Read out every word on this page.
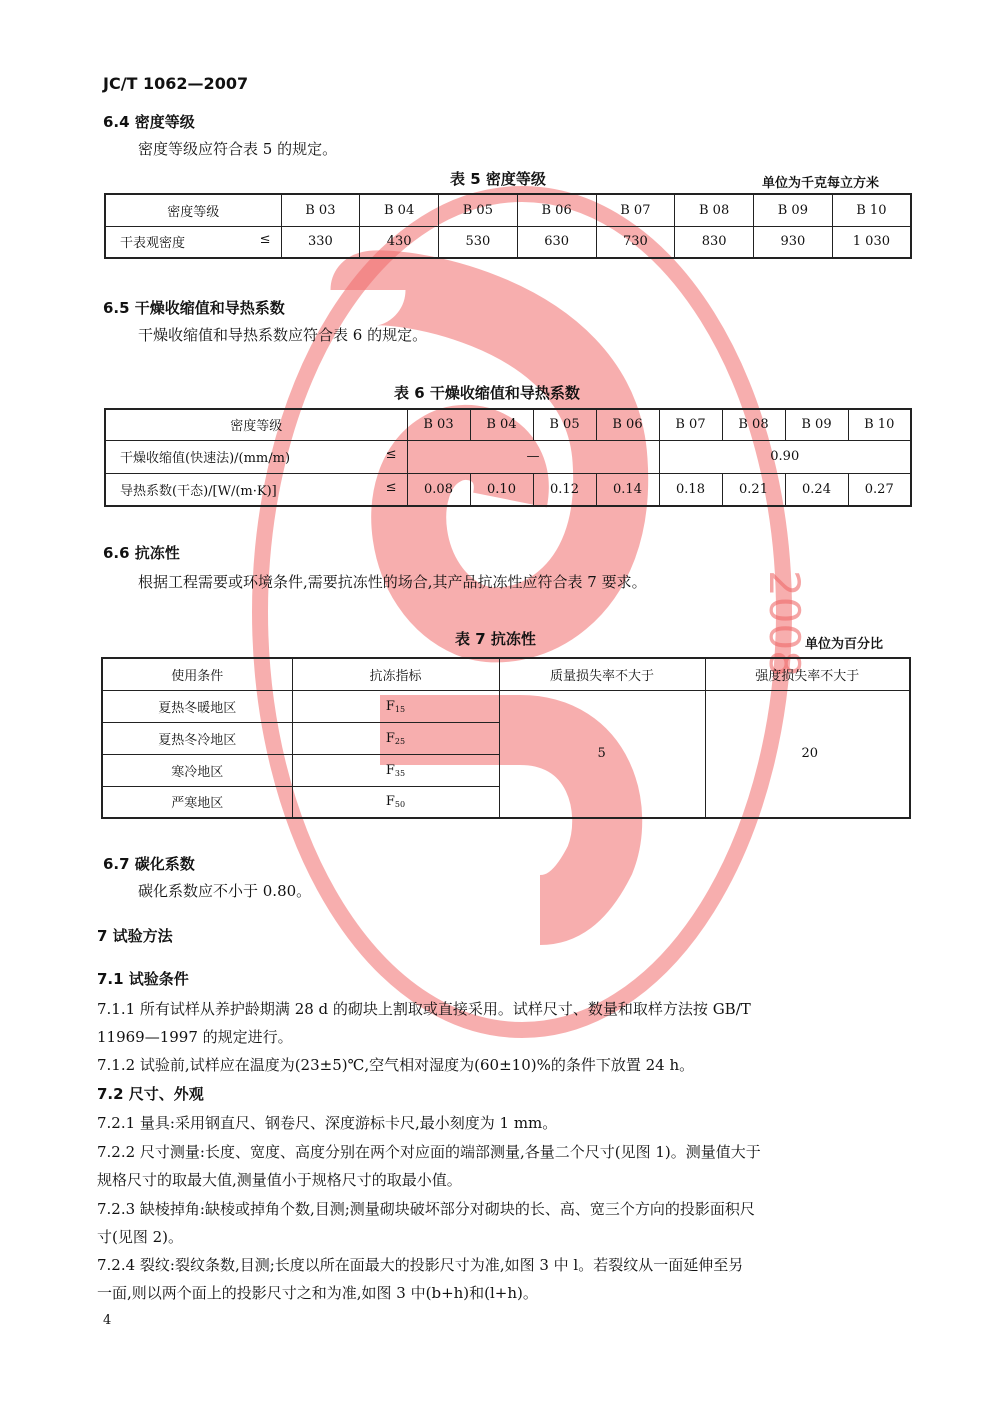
2008
JC/T 1062—2007
6.4 密度等级
密度等级应符合表 5 的规定。
表 5 密度等级	单位为千克每立方米
密度等级	B 03	B 04	B 05	B 06	B 07	B 08	B 09	B 10
干表观密度 ≤	330	430	530	630	730	830	930	1 030
6.5 干燥收缩值和导热系数
干燥收缩值和导热系数应符合表 6 的规定。
表 6 干燥收缩值和导热系数
密度等级	B 03	B 04	B 05	B 06	B 07	B 08	B 09	B 10
干燥收缩值(快速法)/(mm/m) ≤	—				0.90			
导热系数(干态)/[W/(m·K)] ≤	0.08	0.10	0.12	0.14	0.18	0.21	0.24	0.27
6.6 抗冻性
根据工程需要或环境条件,需要抗冻性的场合,其产品抗冻性应符合表 7 要求。
表 7 抗冻性	单位为百分比
使用条件	抗冻指标	质量损失率不大于	强度损失率不大于
夏热冬暖地区	$F_{15}$	5	20
夏热冬冷地区	$F_{25}$
寒冷地区	$F_{35}$
严寒地区	$F_{50}$
6.7 碳化系数
碳化系数应不小于 0.80。
7 试验方法
7.1 试验条件
7.1.1 所有试样从养护龄期满 28 d 的砌块上割取或直接采用。试样尺寸、数量和取样方法按 GB/T
11969—1997 的规定进行。
7.1.2 试验前,试样应在温度为(23±5)℃,空气相对湿度为(60±10)%的条件下放置 24 h。
7.2 尺寸、外观
7.2.1 量具:采用钢直尺、钢卷尺、深度游标卡尺,最小刻度为 1 mm。
7.2.2 尺寸测量:长度、宽度、高度分别在两个对应面的端部测量,各量二个尺寸(见图 1)。测量值大于
规格尺寸的取最大值,测量值小于规格尺寸的取最小值。
7.2.3 缺棱掉角:缺棱或掉角个数,目测;测量砌块破坏部分对砌块的长、高、宽三个方向的投影面积尺
寸(见图 2)。
7.2.4 裂纹:裂纹条数,目测;长度以所在面最大的投影尺寸为准,如图 3 中 l。若裂纹从一面延伸至另
一面,则以两个面上的投影尺寸之和为准,如图 3 中(b+h)和(l+h)。
4
